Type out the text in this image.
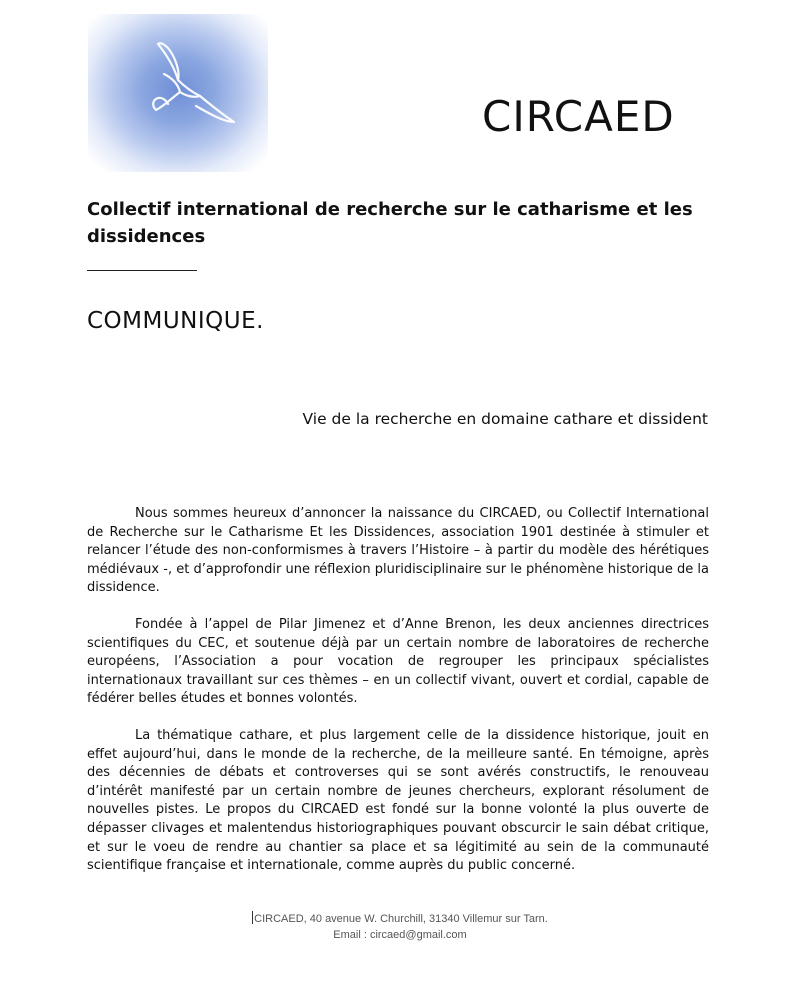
CIRCAED
Collectif international de recherche sur le catharisme et les dissidences
COMMUNIQUE.

Vie de la recherche en domaine cathare et dissident

Nous sommes heureux d’annoncer la naissance du CIRCAED, ou Collectif International de Recherche sur le Catharisme Et les Dissidences, association 1901 destinée à stimuler et relancer l’étude des non-conformismes à travers l’Histoire – à partir du modèle des hérétiques médiévaux -, et d’approfondir une réflexion pluridisciplinaire sur le phénomène historique de la dissidence.

Fondée à l’appel de Pilar Jimenez et d’Anne Brenon, les deux anciennes directrices scientifiques du CEC, et soutenue déjà par un certain nombre de laboratoires de recherche européens, l’Association a pour vocation de regrouper les principaux spécialistes internationaux travaillant sur ces thèmes – en un collectif vivant, ouvert et cordial, capable de fédérer belles études et bonnes volontés.

La thématique cathare, et plus largement celle de la dissidence historique, jouit en effet aujourd’hui, dans le monde de la recherche, de la meilleure santé. En témoigne, après des décennies de débats et controverses qui se sont avérés constructifs, le renouveau d’intérêt manifesté par un certain nombre de jeunes chercheurs, explorant résolument de nouvelles pistes. Le propos du CIRCAED est fondé sur la bonne volonté la plus ouverte de dépasser clivages et malentendus historiographiques pouvant obscurcir le sain débat critique, et sur le voeu de rendre au chantier sa place et sa légitimité au sein de la communauté scientifique française et internationale, comme auprès du public concerné.

CIRCAED, 40 avenue W. Churchill, 31340 Villemur sur Tarn.
Email : circaed@gmail.com
